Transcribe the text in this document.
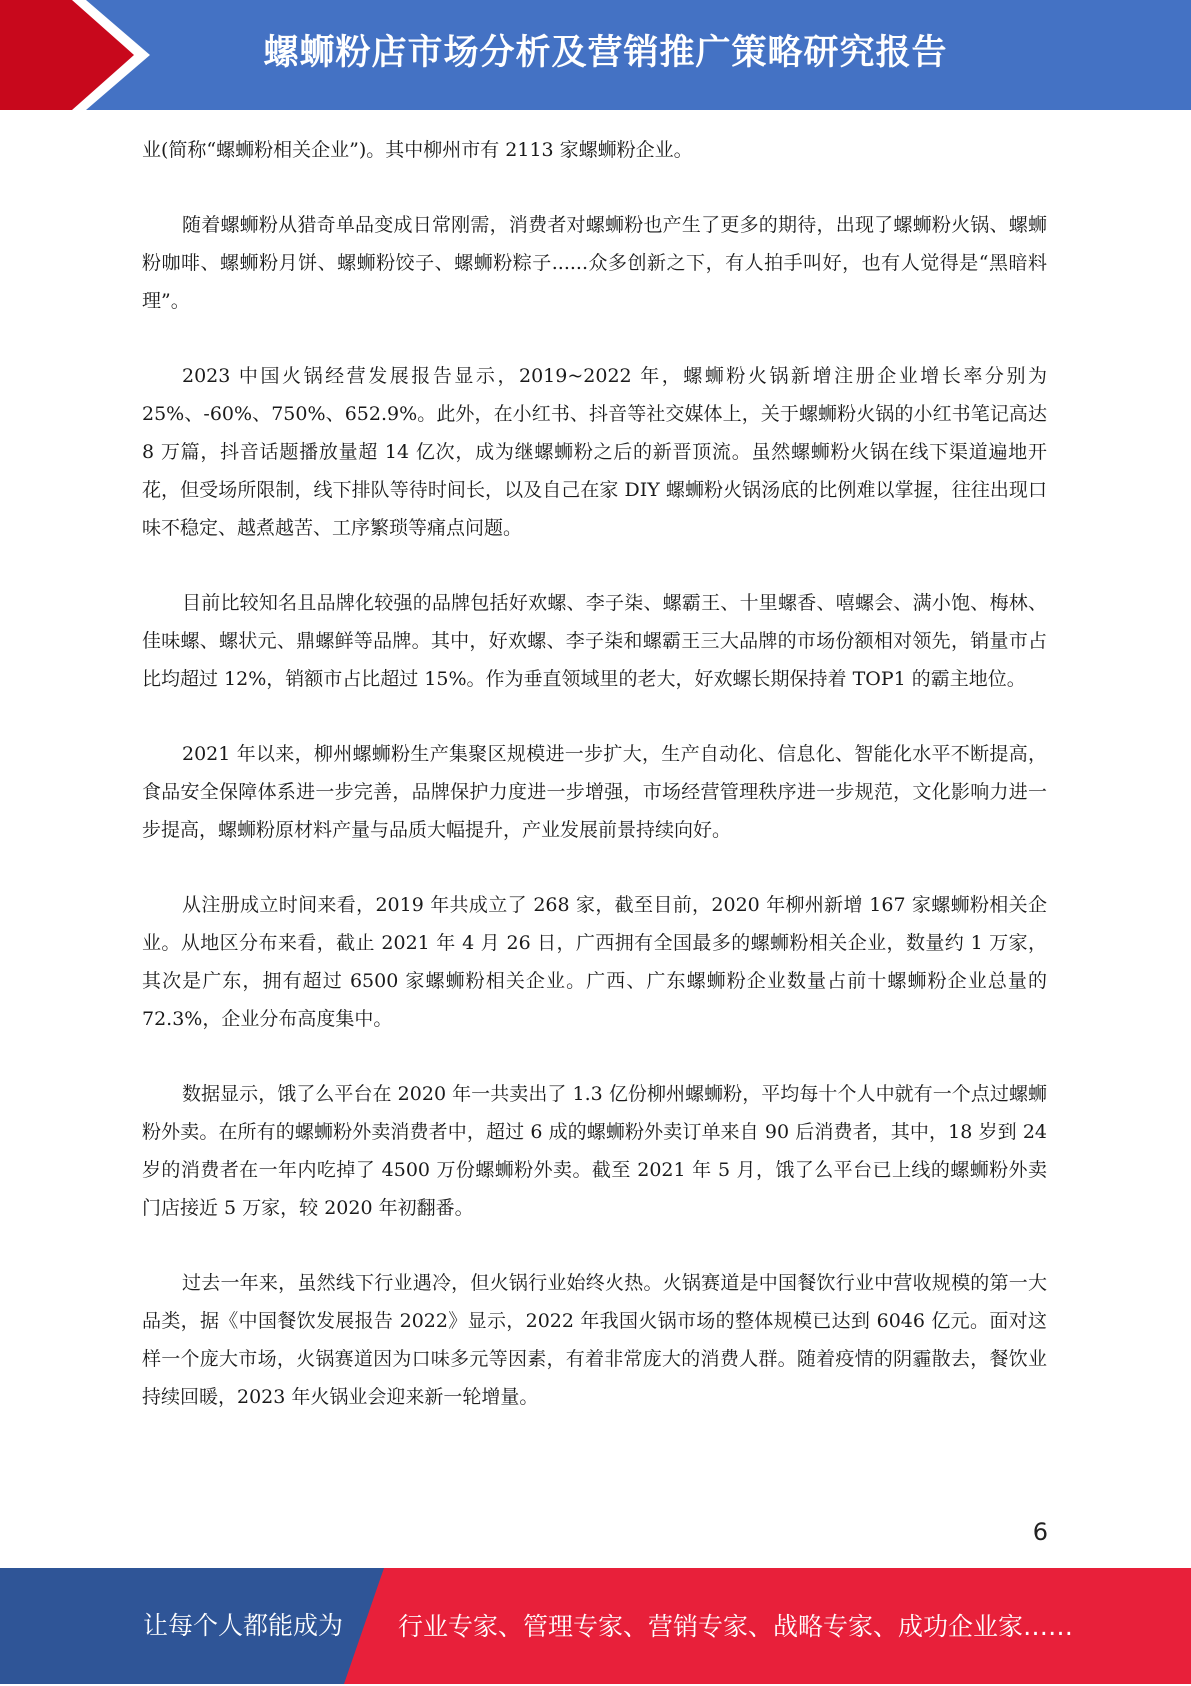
螺蛳粉店市场分析及营销推广策略研究报告

业(简称“螺蛳粉相关企业”)。其中柳州市有 2113 家螺蛳粉企业。

随着螺蛳粉从猎奇单品变成日常刚需，消费者对螺蛳粉也产生了更多的期待，出现了螺蛳粉火锅、螺蛳粉咖啡、螺蛳粉月饼、螺蛳粉饺子、螺蛳粉粽子......众多创新之下，有人拍手叫好，也有人觉得是“黑暗料理”。

2023 中国火锅经营发展报告显示，2019~2022 年，螺蛳粉火锅新增注册企业增长率分别为 25%、-60%、750%、652.9%。此外，在小红书、抖音等社交媒体上，关于螺蛳粉火锅的小红书笔记高达 8 万篇，抖音话题播放量超 14 亿次，成为继螺蛳粉之后的新晋顶流。虽然螺蛳粉火锅在线下渠道遍地开花，但受场所限制，线下排队等待时间长，以及自己在家 DIY 螺蛳粉火锅汤底的比例难以掌握，往往出现口味不稳定、越煮越苦、工序繁琐等痛点问题。

目前比较知名且品牌化较强的品牌包括好欢螺、李子柒、螺霸王、十里螺香、嘻螺会、满小饱、梅林、佳味螺、螺状元、鼎螺鲜等品牌。其中，好欢螺、李子柒和螺霸王三大品牌的市场份额相对领先，销量市占比均超过 12%，销额市占比超过 15%。作为垂直领域里的老大，好欢螺长期保持着 TOP1 的霸主地位。

2021 年以来，柳州螺蛳粉生产集聚区规模进一步扩大，生产自动化、信息化、智能化水平不断提高，食品安全保障体系进一步完善，品牌保护力度进一步增强，市场经营管理秩序进一步规范，文化影响力进一步提高，螺蛳粉原材料产量与品质大幅提升，产业发展前景持续向好。

从注册成立时间来看，2019 年共成立了 268 家，截至目前，2020 年柳州新增 167 家螺蛳粉相关企业。从地区分布来看，截止 2021 年 4 月 26 日，广西拥有全国最多的螺蛳粉相关企业，数量约 1 万家，其次是广东，拥有超过 6500 家螺蛳粉相关企业。广西、广东螺蛳粉企业数量占前十螺蛳粉企业总量的 72.3%，企业分布高度集中。

数据显示，饿了么平台在 2020 年一共卖出了 1.3 亿份柳州螺蛳粉，平均每十个人中就有一个点过螺蛳粉外卖。在所有的螺蛳粉外卖消费者中，超过 6 成的螺蛳粉外卖订单来自 90 后消费者，其中，18 岁到 24 岁的消费者在一年内吃掉了 4500 万份螺蛳粉外卖。截至 2021 年 5 月，饿了么平台已上线的螺蛳粉外卖门店接近 5 万家，较 2020 年初翻番。

过去一年来，虽然线下行业遇冷，但火锅行业始终火热。火锅赛道是中国餐饮行业中营收规模的第一大品类，据《中国餐饮发展报告 2022》显示，2022 年我国火锅市场的整体规模已达到 6046 亿元。面对这样一个庞大市场，火锅赛道因为口味多元等因素，有着非常庞大的消费人群。随着疫情的阴霾散去，餐饮业持续回暖，2023 年火锅业会迎来新一轮增量。

6
让每个人都能成为 行业专家、管理专家、营销专家、战略专家、成功企业家……
